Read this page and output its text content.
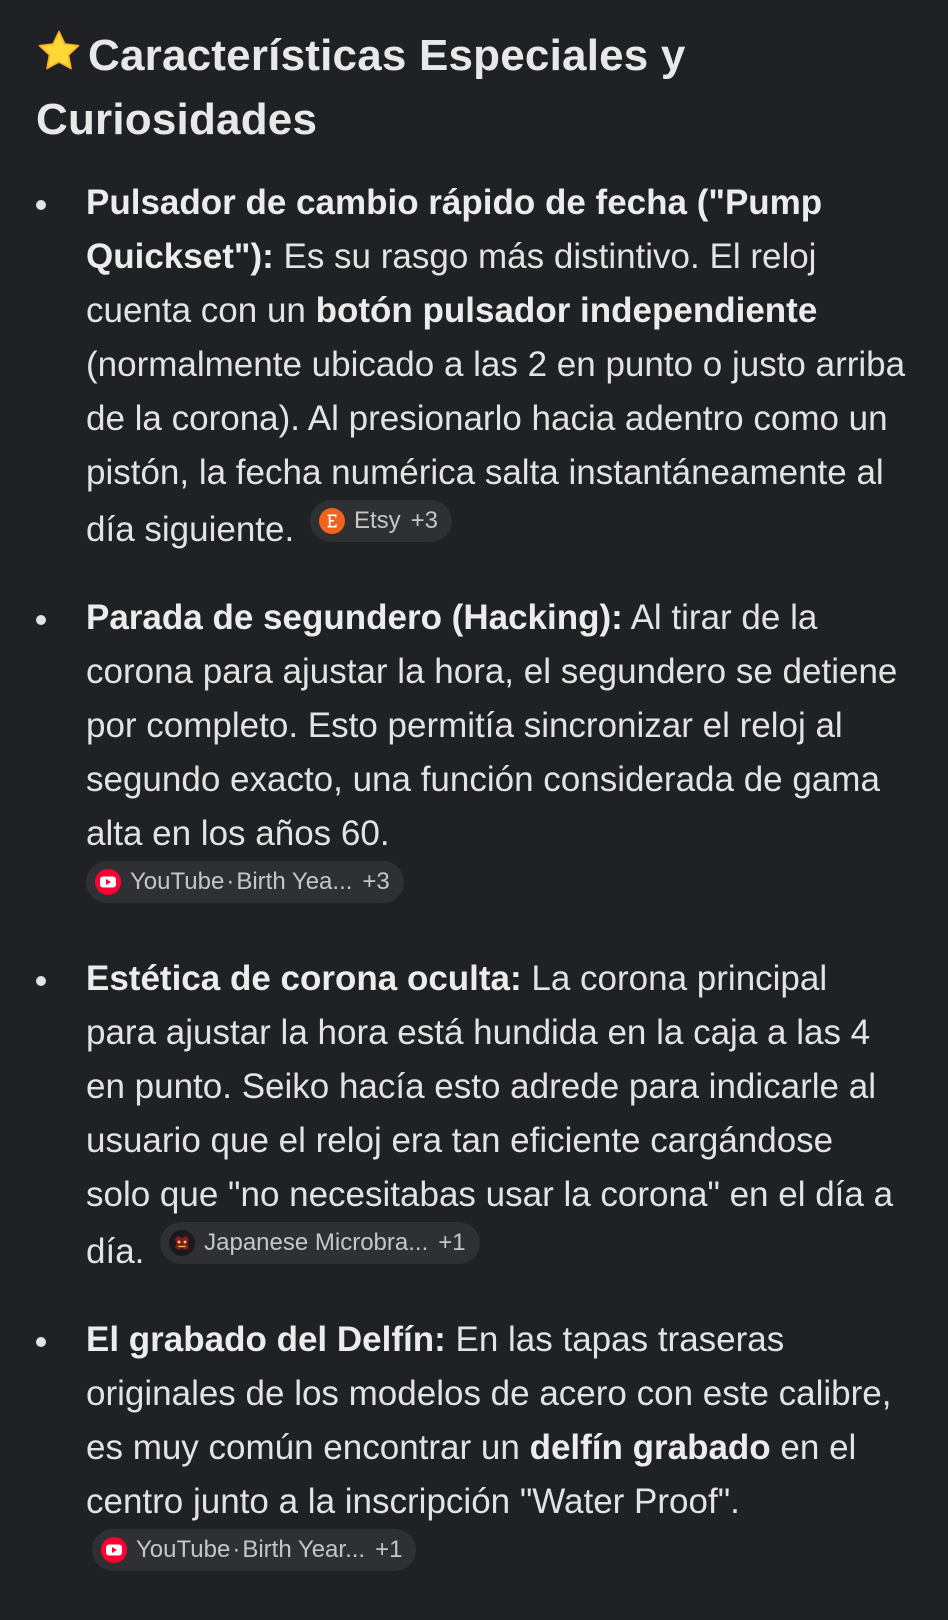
Características Especiales y
Curiosidades
Pulsador de cambio rápido de fecha ("Pump Quickset"): Es su rasgo más distintivo. El reloj cuenta con un botón pulsador independiente (normalmente ubicado a las 2 en punto o justo arriba de la corona). Al presionarlo hacia adentro como un pistón, la fecha numérica salta instantáneamente al día siguiente. Etsy +3
Parada de segundero (Hacking): Al tirar de la corona para ajustar la hora, el segundero se detiene por completo. Esto permitía sincronizar el reloj al segundo exacto, una función considerada de gama alta en los años 60.

YouTube · Birth Yea... +3
Estética de corona oculta: La corona principal para ajustar la hora está hundida en la caja a las 4 en punto. Seiko hacía esto adrede para indicarle al usuario que el reloj era tan eficiente cargándose solo que "no necesitabas usar la corona" en el día a día. Japanese Microbra... +1
El grabado del Delfín: En las tapas traseras originales de los modelos de acero con este calibre, es muy común encontrar un delfín grabado en el centro junto a la inscripción "Water Proof".
YouTube · Birth Year... +1
